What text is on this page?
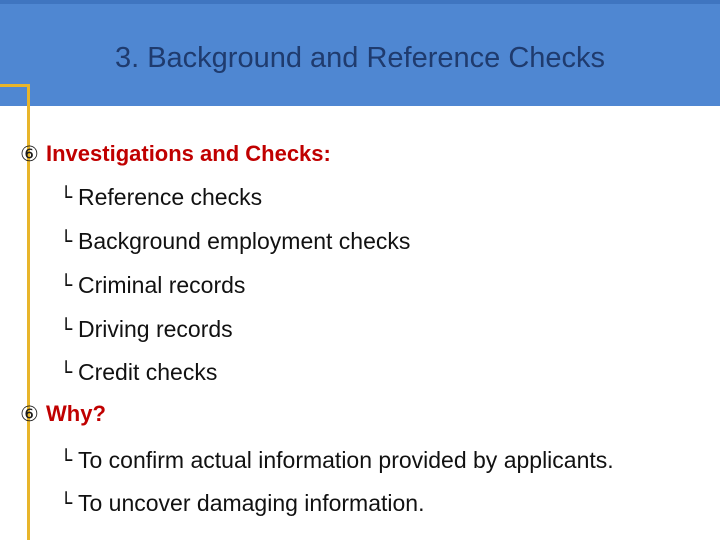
3. Background and Reference Checks
⑥ Investigations and Checks:
└ Reference checks
└ Background employment checks
└ Criminal records
└ Driving records
└ Credit checks
⑥ Why?
└ To confirm actual information provided by applicants.
└ To uncover damaging information.
